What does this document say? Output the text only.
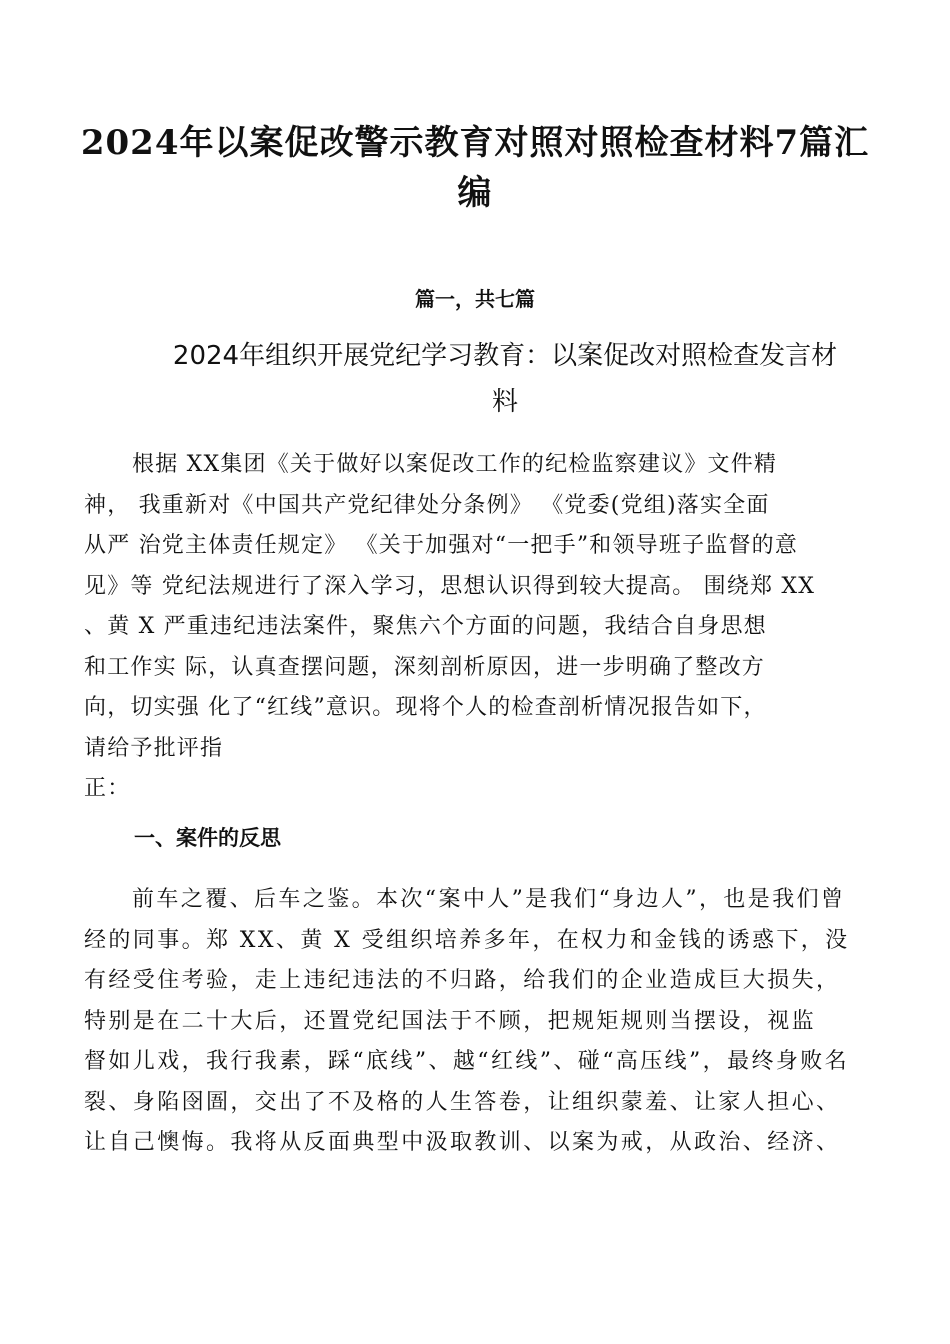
2024年以案促改警示教育对照对照检查材料7篇汇
编
篇一，共七篇
2024年组织开展党纪学习教育：以案促改对照检查发言材
料
根据 XX集团《关于做好以案促改工作的纪检监察建议》文件精
神， 我重新对《中国共产党纪律处分条例》 《党委(党组)落实全面
从严 治党主体责任规定》 《关于加强对“一把手”和领导班子监督的意
见》等 党纪法规进行了深入学习，思想认识得到较大提高。 围绕郑 XX
、黄 X 严重违纪违法案件，聚焦六个方面的问题，我结合自身思想
和工作实 际，认真查摆问题，深刻剖析原因，进一步明确了整改方
向，切实强 化了“红线”意识。现将个人的检查剖析情况报告如下，
请给予批评指
正：
一、案件的反思
前车之覆、后车之鉴。本次“案中人”是我们“身边人”，也是我们曾
经的同事。郑 XX、黄 X 受组织培养多年，在权力和金钱的诱惑下，没
有经受住考验，走上违纪违法的不归路，给我们的企业造成巨大损失，
特别是在二十大后，还置党纪国法于不顾，把规矩规则当摆设，视监
督如儿戏，我行我素，踩“底线”、越“红线”、碰“高压线”，最终身败名
裂、身陷囹圄，交出了不及格的人生答卷，让组织蒙羞、让家人担心、
让自己懊悔。我将从反面典型中汲取教训、以案为戒，从政治、经济、
